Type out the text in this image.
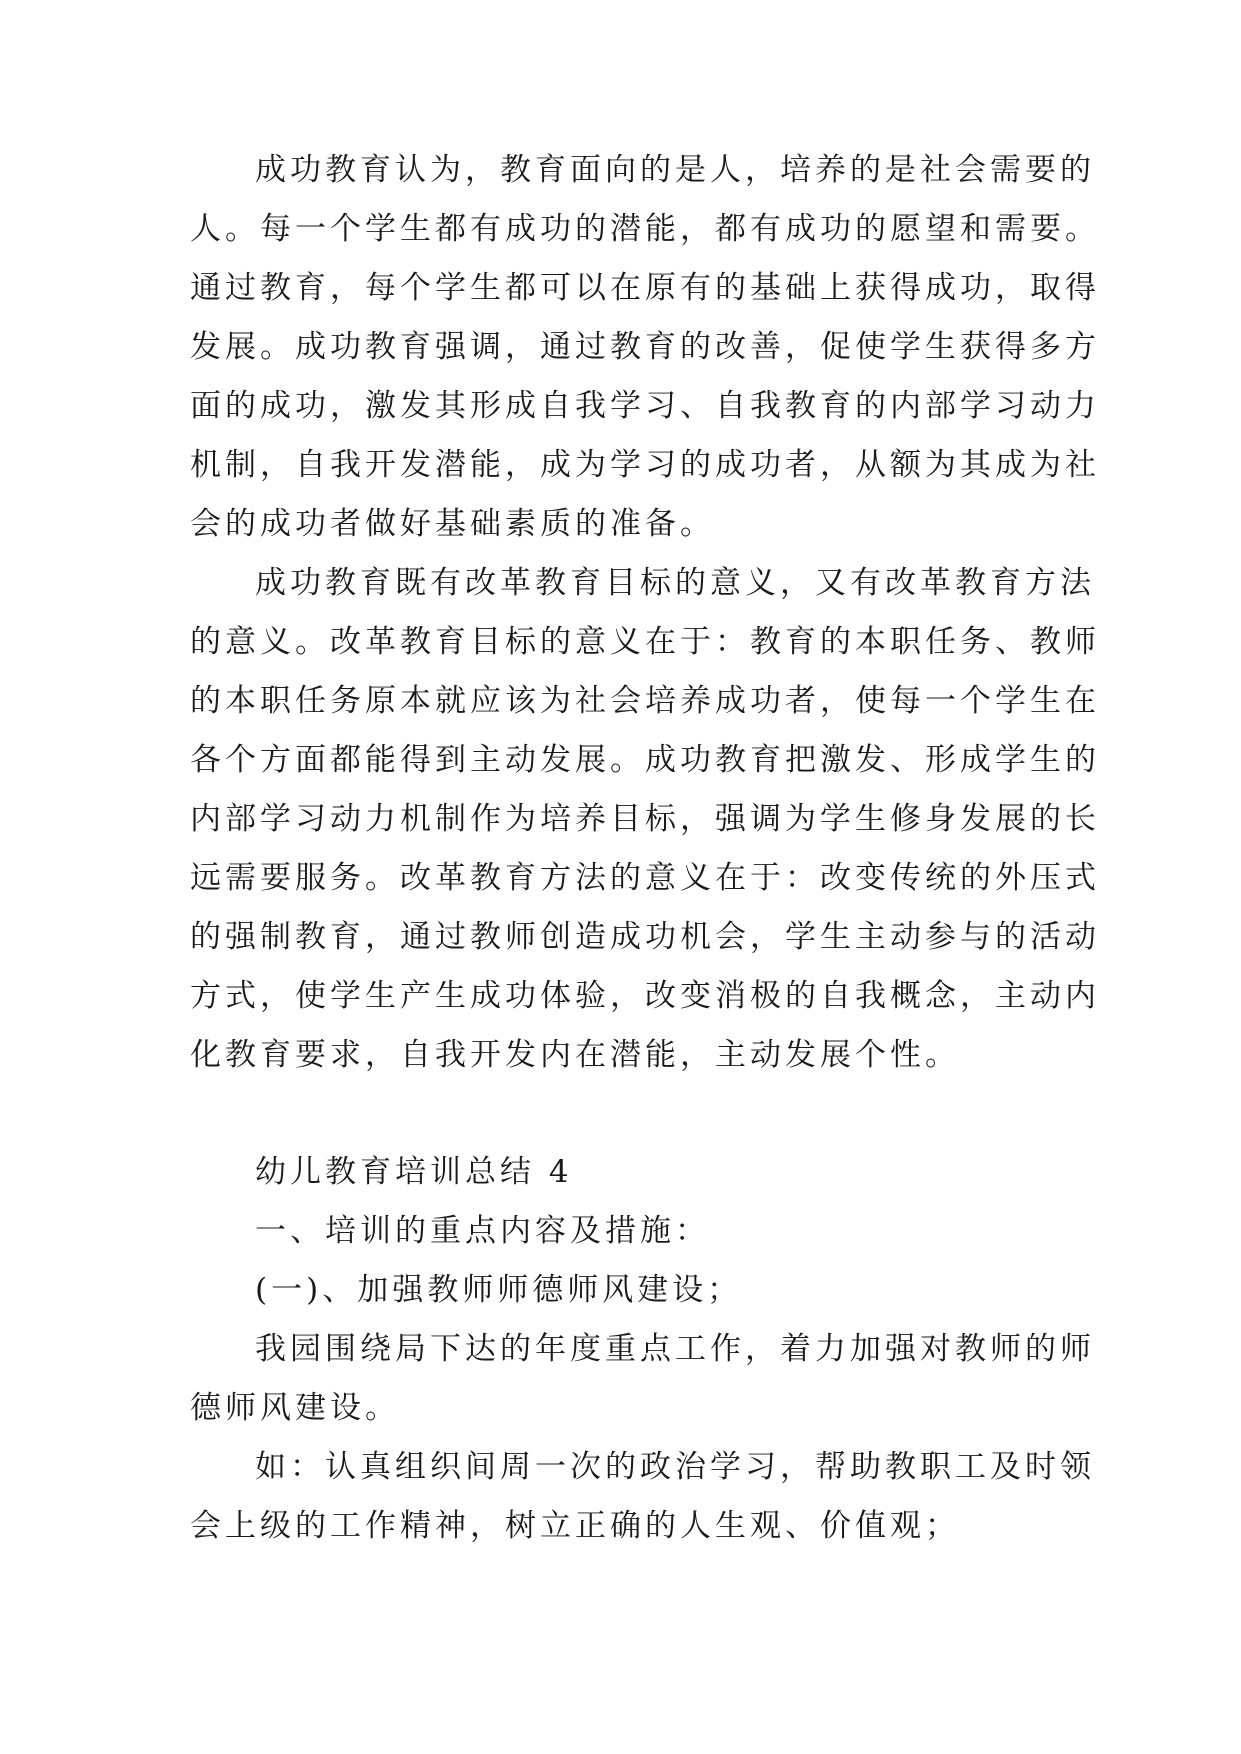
成功教育认为，教育面向的是人，培养的是社会需要的
人。每一个学生都有成功的潜能，都有成功的愿望和需要。
通过教育，每个学生都可以在原有的基础上获得成功，取得
发展。成功教育强调，通过教育的改善，促使学生获得多方
面的成功，激发其形成自我学习、自我教育的内部学习动力
机制，自我开发潜能，成为学习的成功者，从额为其成为社
会的成功者做好基础素质的准备。
成功教育既有改革教育目标的意义，又有改革教育方法
的意义。改革教育目标的意义在于：教育的本职任务、教师
的本职任务原本就应该为社会培养成功者，使每一个学生在
各个方面都能得到主动发展。成功教育把激发、形成学生的
内部学习动力机制作为培养目标，强调为学生修身发展的长
远需要服务。改革教育方法的意义在于：改变传统的外压式
的强制教育，通过教师创造成功机会，学生主动参与的活动
方式，使学生产生成功体验，改变消极的自我概念，主动内
化教育要求，自我开发内在潜能，主动发展个性。
幼儿教育培训总结 4
一、培训的重点内容及措施：
(一)、加强教师师德师风建设；
我园围绕局下达的年度重点工作，着力加强对教师的师
德师风建设。
如：认真组织间周一次的政治学习，帮助教职工及时领
会上级的工作精神，树立正确的人生观、价值观；
